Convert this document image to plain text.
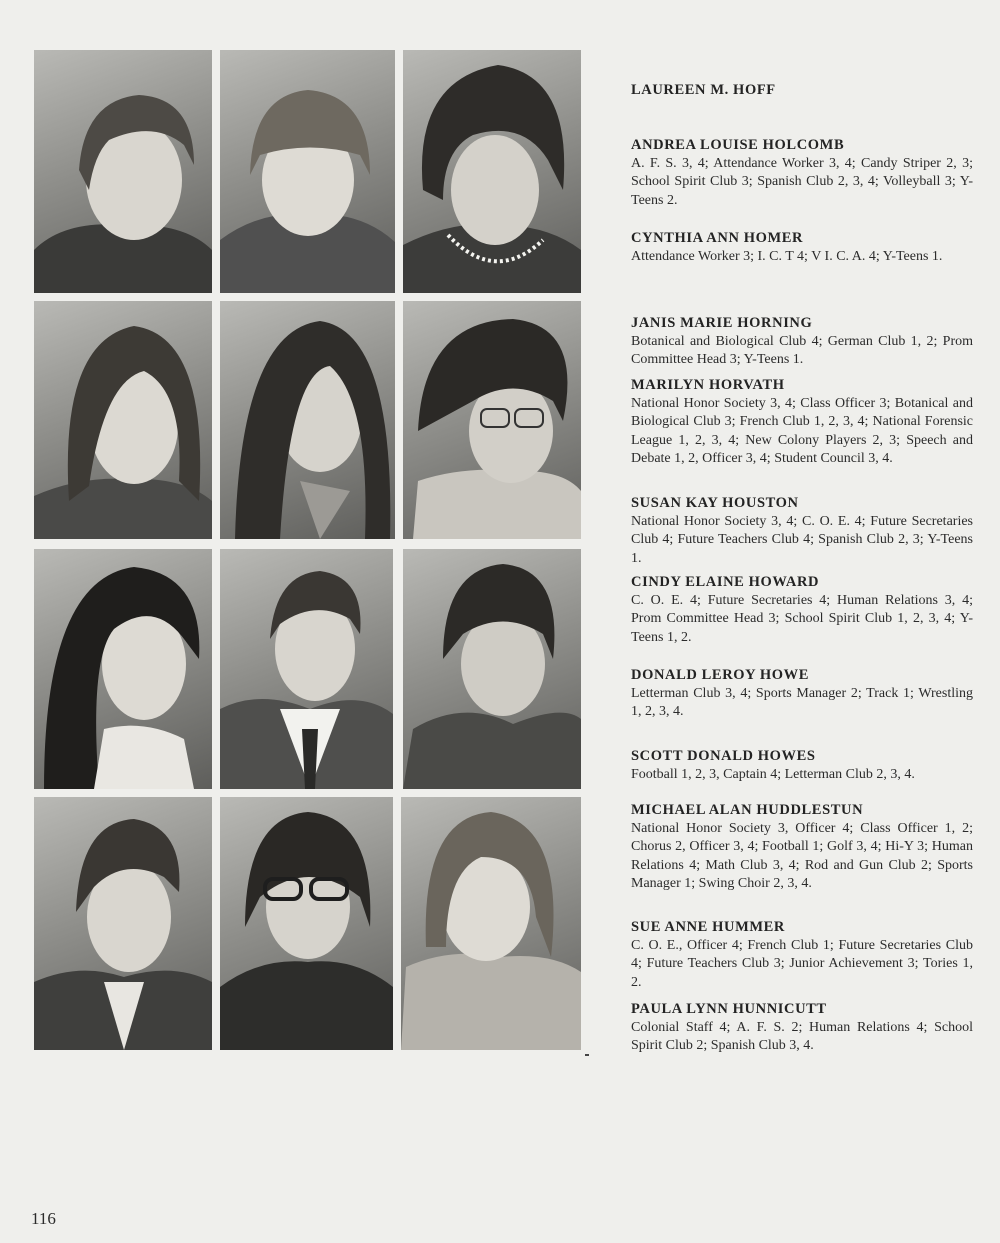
LAUREEN M. HOFF

ANDREA LOUISE HOLCOMB

A. F. S. 3, 4; Attendance Worker 3, 4; Candy Striper 2, 3; School Spirit Club 3; Spanish Club 2, 3, 4; Volleyball 3; Y-Teens 2.

CYNTHIA ANN HOMER

Attendance Worker 3; I. C. T 4; V I. C. A. 4; Y-Teens 1.

JANIS MARIE HORNING

Botanical and Biological Club 4; German Club 1, 2; Prom Committee Head 3; Y-Teens 1.

MARILYN HORVATH

National Honor Society 3, 4; Class Officer 3; Botanical and Biological Club 3; French Club 1, 2, 3, 4; National Forensic League 1, 2, 3, 4; New Colony Players 2, 3; Speech and Debate 1, 2, Officer 3, 4; Student Council 3, 4.

SUSAN KAY HOUSTON

National Honor Society 3, 4; C. O. E. 4; Future Secretaries Club 4; Future Teachers Club 4; Spanish Club 2, 3; Y-Teens 1.

CINDY ELAINE HOWARD

C. O. E. 4; Future Secretaries 4; Human Relations 3, 4; Prom Committee Head 3; School Spirit Club 1, 2, 3, 4; Y-Teens 1, 2.

DONALD LEROY HOWE

Letterman Club 3, 4; Sports Manager 2; Track 1; Wrestling 1, 2, 3, 4.

SCOTT DONALD HOWES

Football 1, 2, 3, Captain 4; Letterman Club 2, 3, 4.

MICHAEL ALAN HUDDLESTUN

National Honor Society 3, Officer 4; Class Officer 1, 2; Chorus 2, Officer 3, 4; Football 1; Golf 3, 4; Hi-Y 3; Human Relations 4; Math Club 3, 4; Rod and Gun Club 2; Sports Manager 1; Swing Choir 2, 3, 4.

SUE ANNE HUMMER

C. O. E., Officer 4; French Club 1; Future Secretaries Club 4; Future Teachers Club 3; Junior Achievement 3; Tories 1, 2.

PAULA LYNN HUNNICUTT

Colonial Staff 4; A. F. S. 2; Human Relations 4; School Spirit Club 2; Spanish Club 3, 4.

116
